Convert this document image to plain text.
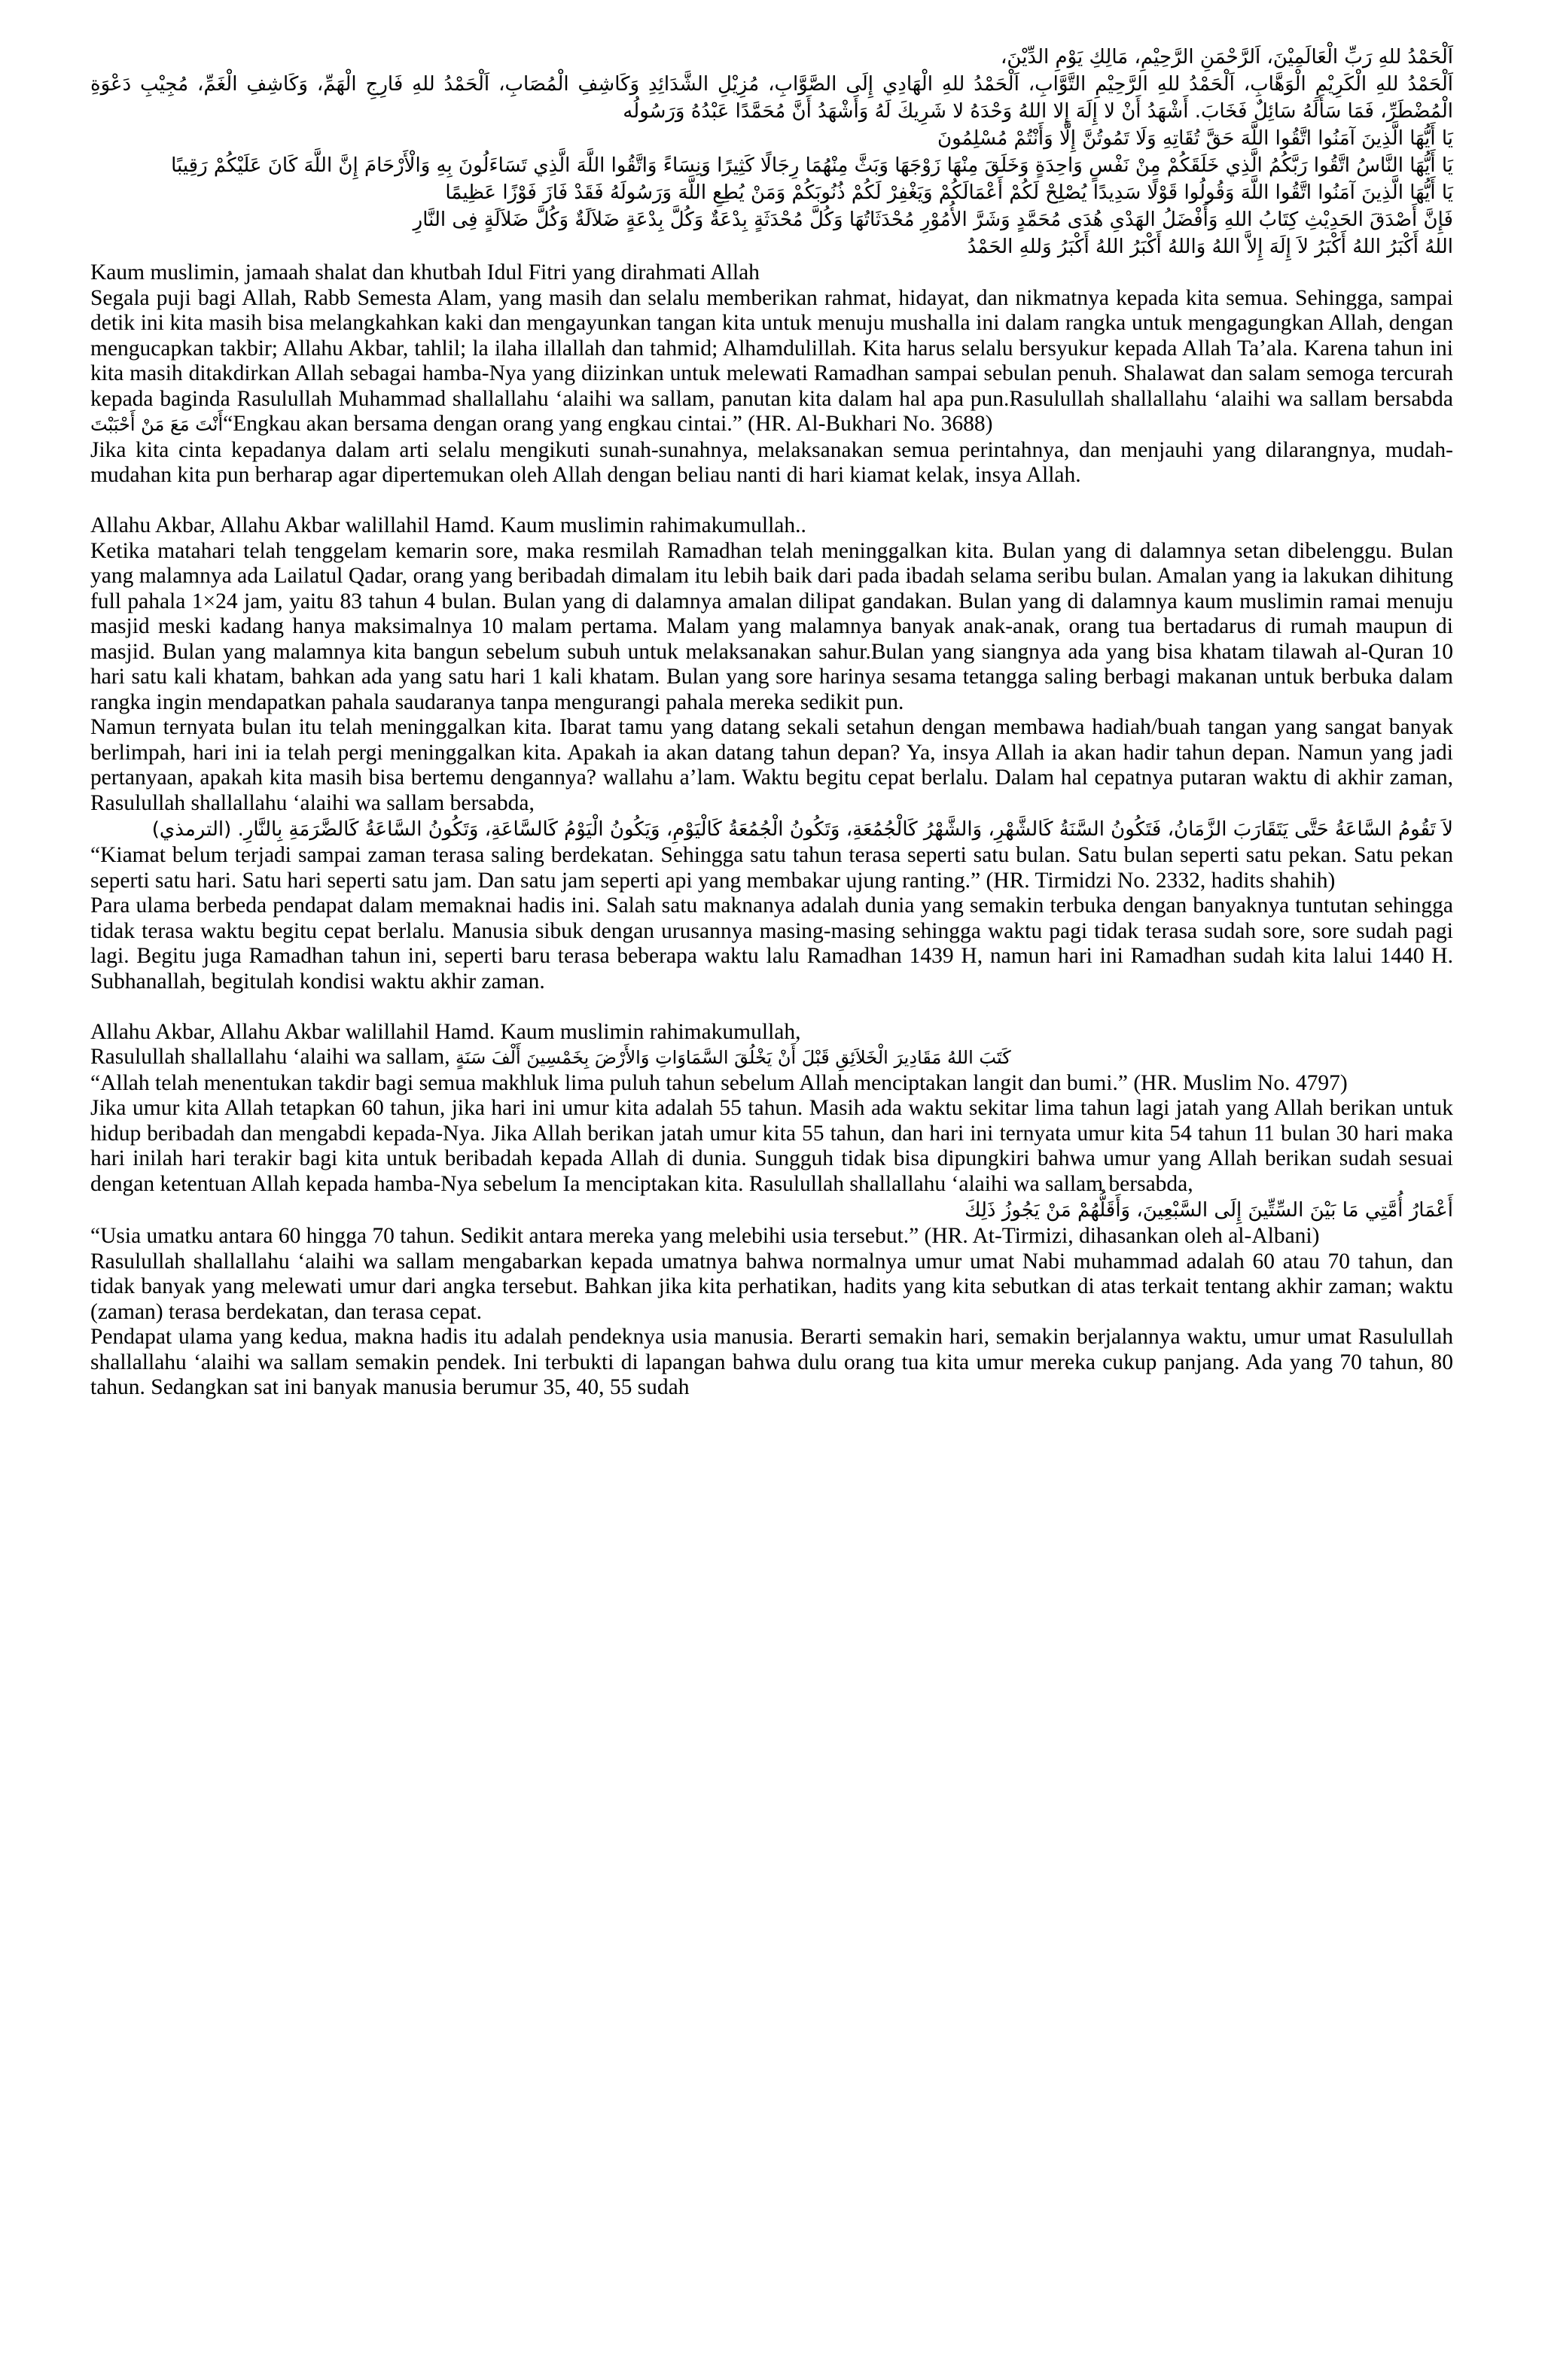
اَلْحَمْدُ للهِ رَبِّ الْعَالَمِيْنَ، اَلرَّحْمَنِ الرَّحِيْمِ، مَالِكِ يَوْمِ الدِّيْنَ،
اَلْحَمْدُ للهِ الْكَرِيْمِ الْوَهَّابِ، اَلْحَمْدُ للهِ الرَّحِيْمِ التَّوَّابِ، اَلْحَمْدُ للهِ الْهَادِي إِلَى الصَّوَّابِ، مُزِيْلِ الشَّدَائِدِ وَكَاشِفِ الْمُصَابِ، اَلْحَمْدُ للهِ فَارِجِ الْهَمِّ، وَكَاشِفِ الْغَمِّ، مُجِيْبِ دَعْوَةِ الْمُضْطَرِّ، فَمَا سَأَلَهُ سَائِلٌ فَخَابَ. أَشْهَدُ أَنْ لا إِلَهَ إِلا اللهُ وَحْدَهُ لا شَرِيكَ لَهُ وَأَشْهَدُ أَنَّ مُحَمَّدًا عَبْدُهُ وَرَسُولُه
يَا أَيُّهَا الَّذِينَ آمَنُوا اتَّقُوا اللَّهَ حَقَّ تُقَاتِهِ وَلَا تَمُوتُنَّ إِلَّا وَأَنْتُمْ مُسْلِمُونَ
يَا أَيُّهَا النَّاسُ اتَّقُوا رَبَّكُمُ الَّذِي خَلَقَكُمْ مِنْ نَفْسٍ وَاحِدَةٍ وَخَلَقَ مِنْهَا زَوْجَهَا وَبَثَّ مِنْهُمَا رِجَالًا كَثِيرًا وَنِسَاءً وَاتَّقُوا اللَّهَ الَّذِي تَسَاءَلُونَ بِهِ وَالْأَرْحَامَ إِنَّ اللَّهَ كَانَ عَلَيْكُمْ رَقِيبًا
يَا أَيُّهَا الَّذِينَ آمَنُوا اتَّقُوا اللَّهَ وَقُولُوا قَوْلًا سَدِيدًا يُصْلِحْ لَكُمْ أَعْمَالَكُمْ وَيَغْفِرْ لَكُمْ ذُنُوبَكُمْ وَمَنْ يُطِعِ اللَّهَ وَرَسُولَهُ فَقَدْ فَازَ فَوْزًا عَظِيمًا
فَإِنَّ أَصْدَقَ الحَدِيْثِ كِتَابُ اللهِ وَأَفْضَلُ الهَدْىِ هُدَى مُحَمَّدٍ وَشَرَّ الأُمُوْرِ مُحْدَثَاتُهَا وَكُلَّ مُحْدَثَةٍ بِدْعَةٌ وَكُلَّ بِدْعَةٍ ضَلاَلَةٌ وَكُلَّ ضَلاَلَةٍ فِى النَّارِ
اللهُ أَكْبَرُ اللهُ أَكْبَرُ لاَ إِلَهَ إِلاَّ اللهُ وَاللهُ أَكْبَرُ اللهُ أَكْبَرُ وَللهِ الحَمْدُ

Kaum muslimin, jamaah shalat dan khutbah Idul Fitri yang dirahmati Allah

Segala puji bagi Allah, Rabb Semesta Alam, yang masih dan selalu memberikan rahmat, hidayat, dan nikmatnya kepada kita semua. Sehingga, sampai detik ini kita masih bisa melangkahkan kaki dan mengayunkan tangan kita untuk menuju mushalla ini dalam rangka untuk mengagungkan Allah, dengan mengucapkan takbir; Allahu Akbar, tahlil; la ilaha illallah dan tahmid; Alhamdulillah. Kita harus selalu bersyukur kepada Allah Ta’ala. Karena tahun ini kita masih ditakdirkan Allah sebagai hamba-Nya yang diizinkan untuk melewati Ramadhan sampai sebulan penuh. Shalawat dan salam semoga tercurah kepada baginda Rasulullah Muhammad shallallahu ‘alaihi wa sallam, panutan kita dalam hal apa pun.Rasulullah shallallahu ‘alaihi wa sallam bersabda أَنْتَ مَعَ مَنْ أَحْبَبْتَ“Engkau akan bersama dengan orang yang engkau cintai.” (HR. Al-Bukhari No. 3688)

Jika kita cinta kepadanya dalam arti selalu mengikuti sunah-sunahnya, melaksanakan semua perintahnya, dan menjauhi yang dilarangnya, mudah-mudahan kita pun berharap agar dipertemukan oleh Allah dengan beliau nanti di hari kiamat kelak, insya Allah.

Allahu Akbar, Allahu Akbar walillahil Hamd. Kaum muslimin rahimakumullah..

Ketika matahari telah tenggelam kemarin sore, maka resmilah Ramadhan telah meninggalkan kita. Bulan yang di dalamnya setan dibelenggu. Bulan yang malamnya ada Lailatul Qadar, orang yang beribadah dimalam itu lebih baik dari pada ibadah selama seribu bulan. Amalan yang ia lakukan dihitung full pahala 1×24 jam, yaitu 83 tahun 4 bulan. Bulan yang di dalamnya amalan dilipat gandakan. Bulan yang di dalamnya kaum muslimin ramai menuju masjid meski kadang hanya maksimalnya 10 malam pertama. Malam yang malamnya banyak anak-anak, orang tua bertadarus di rumah maupun di masjid. Bulan yang malamnya kita bangun sebelum subuh untuk melaksanakan sahur.Bulan yang siangnya ada yang bisa khatam tilawah al-Quran 10 hari satu kali khatam, bahkan ada yang satu hari 1 kali khatam. Bulan yang sore harinya sesama tetangga saling berbagi makanan untuk berbuka dalam rangka ingin mendapatkan pahala saudaranya tanpa mengurangi pahala mereka sedikit pun.

Namun ternyata bulan itu telah meninggalkan kita. Ibarat tamu yang datang sekali setahun dengan membawa hadiah/buah tangan yang sangat banyak berlimpah, hari ini ia telah pergi meninggalkan kita. Apakah ia akan datang tahun depan? Ya, insya Allah ia akan hadir tahun depan. Namun yang jadi pertanyaan, apakah kita masih bisa bertemu dengannya? wallahu a’lam. Waktu begitu cepat berlalu. Dalam hal cepatnya putaran waktu di akhir zaman, Rasulullah shallallahu ‘alaihi wa sallam bersabda,

لاَ تَقُومُ السَّاعَةُ حَتَّى يَتَقَارَبَ الزَّمَانُ، فَتَكُونُ السَّنَةُ كَالشَّهْرِ، وَالشَّهْرُ كَالْجُمُعَةِ، وَتَكُونُ الْجُمُعَةُ كَالْيَوْمِ، وَيَكُونُ الْيَوْمُ كَالسَّاعَةِ، وَتَكُونُ السَّاعَةُ كَالضَّرَمَةِ بِالنَّارِ. (الترمذي)

“Kiamat belum terjadi sampai zaman terasa saling berdekatan. Sehingga satu tahun terasa seperti satu bulan. Satu bulan seperti satu pekan. Satu pekan seperti satu hari. Satu hari seperti satu jam. Dan satu jam seperti api yang membakar ujung ranting.” (HR. Tirmidzi No. 2332, hadits shahih)

Para ulama berbeda pendapat dalam memaknai hadis ini. Salah satu maknanya adalah dunia yang semakin terbuka dengan banyaknya tuntutan sehingga tidak terasa waktu begitu cepat berlalu. Manusia sibuk dengan urusannya masing-masing sehingga waktu pagi tidak terasa sudah sore, sore sudah pagi lagi. Begitu juga Ramadhan tahun ini, seperti baru terasa beberapa waktu lalu Ramadhan 1439 H, namun hari ini Ramadhan sudah kita lalui 1440 H. Subhanallah, begitulah kondisi waktu akhir zaman.

Allahu Akbar, Allahu Akbar walillahil Hamd. Kaum muslimin rahimakumullah,

Rasulullah shallallahu ‘alaihi wa sallam, كَتَبَ اللهُ مَقَادِيرَ الْخَلاَئِقِ قَبْلَ أَنْ يَخْلُقَ السَّمَاوَاتِ وَالأَرْضَ بِخَمْسِينَ أَلْفَ سَنَةٍ

“Allah telah menentukan takdir bagi semua makhluk lima puluh tahun sebelum Allah menciptakan langit dan bumi.” (HR. Muslim No. 4797)

Jika umur kita Allah tetapkan 60 tahun, jika hari ini umur kita adalah 55 tahun. Masih ada waktu sekitar lima tahun lagi jatah yang Allah berikan untuk hidup beribadah dan mengabdi kepada-Nya. Jika Allah berikan jatah umur kita 55 tahun, dan hari ini ternyata umur kita 54 tahun 11 bulan 30 hari maka hari inilah hari terakir bagi kita untuk beribadah kepada Allah di dunia. Sungguh tidak bisa dipungkiri bahwa umur yang Allah berikan sudah sesuai dengan ketentuan Allah kepada hamba-Nya sebelum Ia menciptakan kita. Rasulullah shallallahu ‘alaihi wa sallam bersabda,

أَعْمَارُ أُمَّتِي مَا بَيْنَ السِّتِّينَ إِلَى السَّبْعِينَ، وَأَقَلُّهُمْ مَنْ يَجُوزُ ذَلِكَ

“Usia umatku antara 60 hingga 70 tahun. Sedikit antara mereka yang melebihi usia tersebut.” (HR. At-Tirmizi, dihasankan oleh al-Albani)

Rasulullah shallallahu ‘alaihi wa sallam mengabarkan kepada umatnya bahwa normalnya umur umat Nabi muhammad adalah 60 atau 70 tahun, dan tidak banyak yang melewati umur dari angka tersebut. Bahkan jika kita perhatikan, hadits yang kita sebutkan di atas terkait tentang akhir zaman; waktu (zaman) terasa berdekatan, dan terasa cepat.

Pendapat ulama yang kedua, makna hadis itu adalah pendeknya usia manusia. Berarti semakin hari, semakin berjalannya waktu, umur umat Rasulullah shallallahu ‘alaihi wa sallam semakin pendek. Ini terbukti di lapangan bahwa dulu orang tua kita umur mereka cukup panjang. Ada yang 70 tahun, 80 tahun. Sedangkan sat ini banyak manusia berumur 35, 40, 55 sudah
